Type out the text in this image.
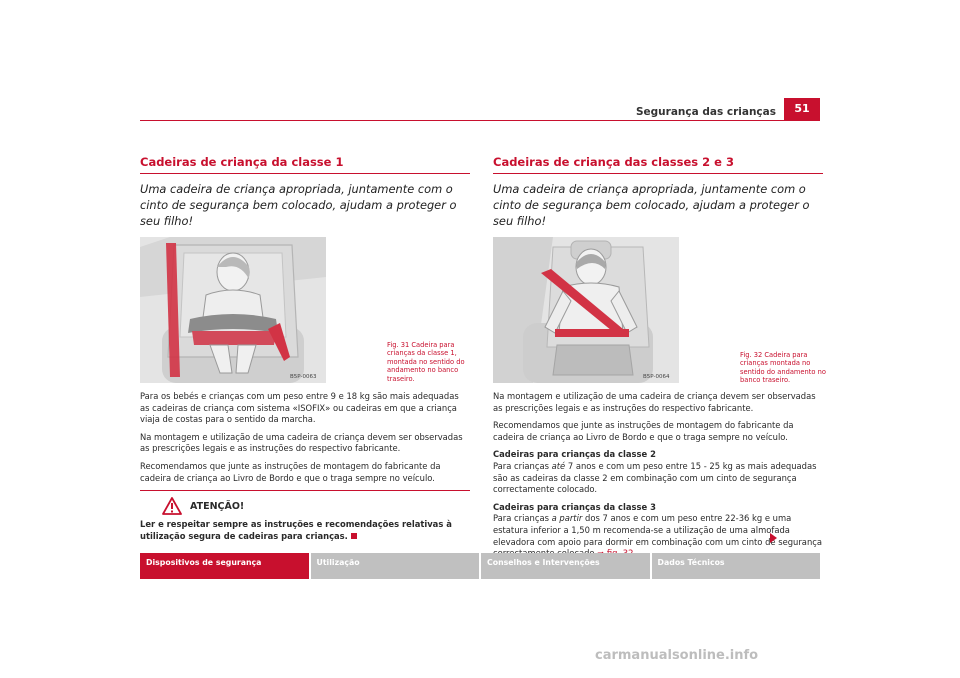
Segurança das crianças	51
Cadeiras de criança da classe 1

Uma cadeira de criança apropriada, juntamente com o cinto de segurança bem colocado, ajudam a proteger o seu filho!

B5P-0063
Fig. 31 Cadeira para crianças da classe 1, montada no sentido do andamento no banco traseiro.

Para os bebés e crianças com um peso entre 9 e 18 kg são mais adequadas as cadeiras de criança com sistema «ISOFIX» ou cadeiras em que a criança viaja de costas para o sentido da marcha.

Na montagem e utilização de uma cadeira de criança devem ser observadas as prescrições legais e as instruções do respectivo fabricante.

Recomendamos que junte as instruções de montagem do fabricante da cadeira de criança ao Livro de Bordo e que o traga sempre no veículo.

ATENÇÃO!
Ler e respeitar sempre as instruções e recomendações relativas à utilização segura de cadeiras para crianças.
Cadeiras de criança das classes 2 e 3

Uma cadeira de criança apropriada, juntamente com o cinto de segurança bem colocado, ajudam a proteger o seu filho!

B5P-0064
Fig. 32 Cadeira para crianças montada no sentido do andamento no banco traseiro.

Na montagem e utilização de uma cadeira de criança devem ser observadas as prescrições legais e as instruções do respectivo fabricante.

Recomendamos que junte as instruções de montagem do fabricante da cadeira de criança ao Livro de Bordo e que o traga sempre no veículo.

Cadeiras para crianças da classe 2

Para crianças até 7 anos e com um peso entre 15 - 25 kg as mais adequadas são as cadeiras da classe 2 em combinação com um cinto de segurança correctamente colocado.

Cadeiras para crianças da classe 3

Para crianças a partir dos 7 anos e com um peso entre 22-36 kg e uma estatura inferior a 1,50 m recomenda-se a utilização de uma almofada elevadora com apoio para dormir em combinação com um cinto de segurança

Dispositivos de segurança	Utilização	Conselhos e Intervenções	Dados Técnicos
carmanualsonline.info
